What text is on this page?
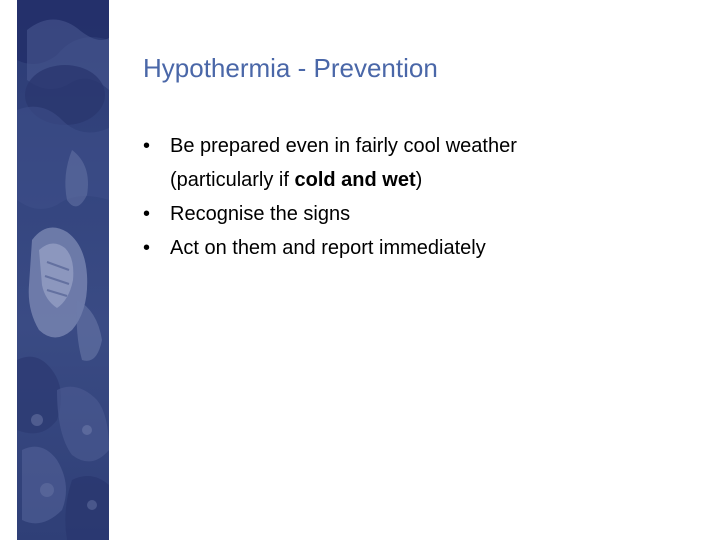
Hypothermia - Prevention
• Be prepared even in fairly cool weather
(particularly if cold and wet)
• Recognise the signs
• Act on them and report immediately
